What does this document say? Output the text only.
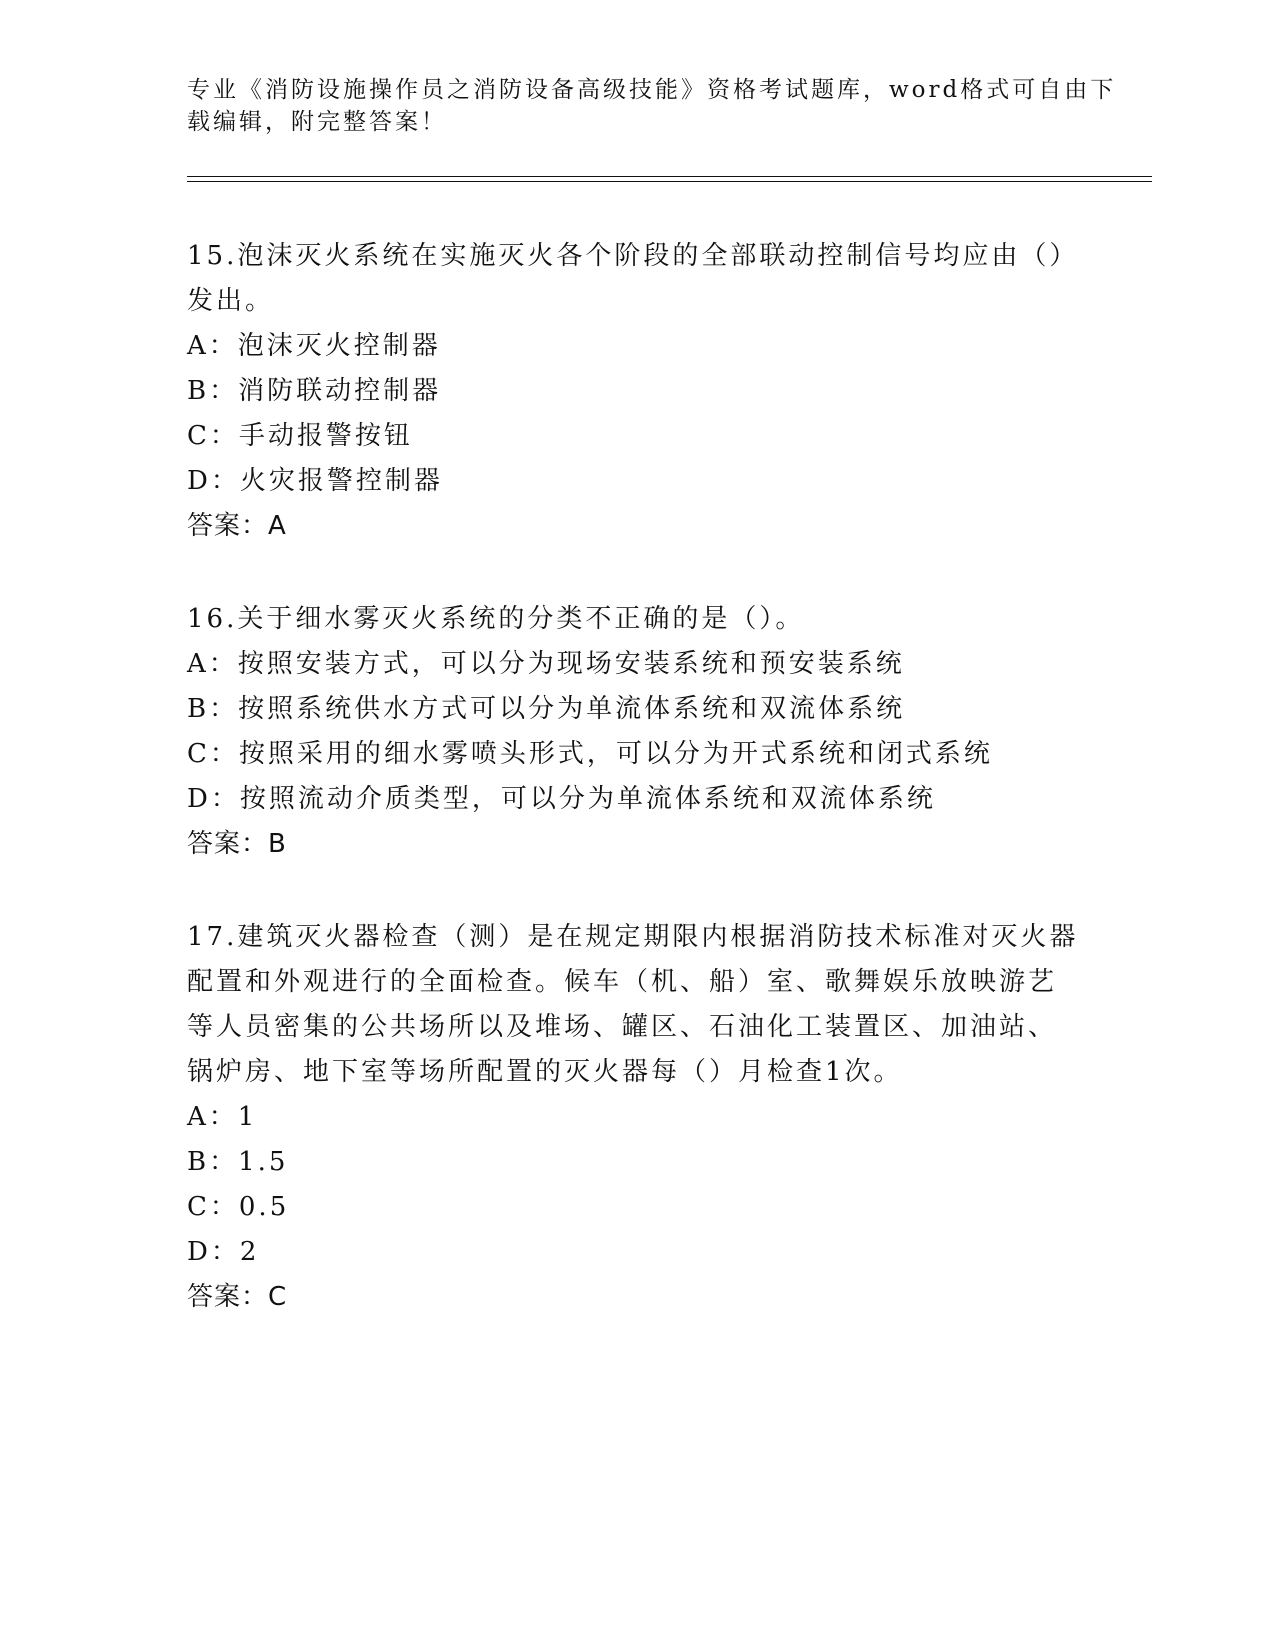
专业《消防设施操作员之消防设备高级技能》资格考试题库，word格式可自由下
载编辑，附完整答案！
15.泡沫灭火系统在实施灭火各个阶段的全部联动控制信号均应由（）
发出。
A：泡沫灭火控制器
B：消防联动控制器
C：手动报警按钮
D：火灾报警控制器
答案：A
16.关于细水雾灭火系统的分类不正确的是（）。
A：按照安装方式，可以分为现场安装系统和预安装系统
B：按照系统供水方式可以分为单流体系统和双流体系统
C：按照采用的细水雾喷头形式，可以分为开式系统和闭式系统
D：按照流动介质类型，可以分为单流体系统和双流体系统
答案：B
17.建筑灭火器检查（测）是在规定期限内根据消防技术标准对灭火器
配置和外观进行的全面检查。候车（机、船）室、歌舞娱乐放映游艺
等人员密集的公共场所以及堆场、罐区、石油化工装置区、加油站、
锅炉房、地下室等场所配置的灭火器每（）月检查1次。
A：1
B：1.5
C：0.5
D：2
答案：C
